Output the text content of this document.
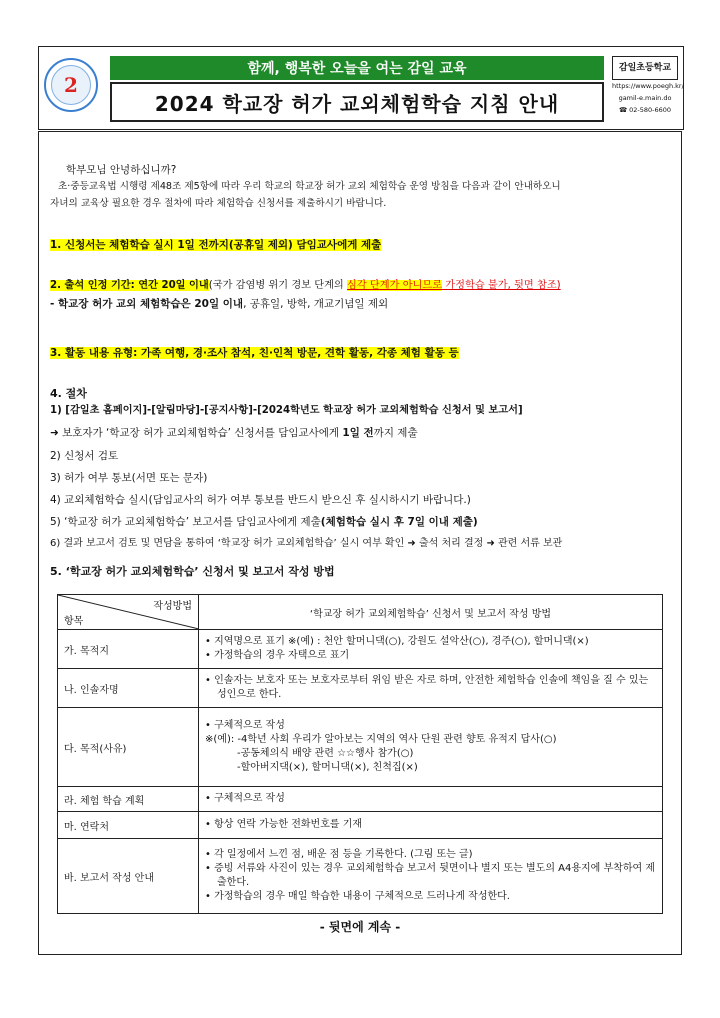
2
함께, 행복한 오늘을 여는 감일 교육
2024 학교장 허가 교외체험학습 지침 안내
감일초등학교
https://www.poegh.kr/
gamil-e.main.do
☎ 02-580-6600
학부모님 안녕하십니까?
초·중등교육법 시행령 제48조 제5항에 따라 우리 학교의 학교장 허가 교외 체험학습 운영 방침을 다음과 같이 안내하오니
자녀의 교육상 필요한 경우 절차에 따라 체험학습 신청서를 제출하시기 바랍니다.
1. 신청서는 체험학습 실시 1일 전까지(공휴일 제외) 담임교사에게 제출
2. 출석 인정 기간: 연간 20일 이내(국가 감염병 위기 경보 단계의 심각 단계가 아니므로 가정학습 불가, 뒷면 참조)
- 학교장 허가 교외 체험학습은 20일 이내, 공휴일, 방학, 개교기념일 제외
3. 활동 내용 유형: 가족 여행, 경·조사 참석, 친·인척 방문, 견학 활동, 각종 체험 활동 등
4. 절차
1) [감일초 홈페이지]-[알림마당]-[공지사항]-[2024학년도 학교장 허가 교외체험학습 신청서 및 보고서]
➜ 보호자가 ‘학교장 허가 교외체험학습’ 신청서를 담임교사에게 1일 전까지 제출
2) 신청서 검토
3) 허가 여부 통보(서면 또는 문자)
4) 교외체험학습 실시(담임교사의 허가 여부 통보를 반드시 받으신 후 실시하시기 바랍니다.)
5) ‘학교장 허가 교외체험학습’ 보고서를 담임교사에게 제출(체험학습 실시 후 7일 이내 제출)
6) 결과 보고서 검토 및 면담을 통하여 ‘학교장 허가 교외체험학습’ 실시 여부 확인 ➜ 출석 처리 결정 ➜ 관련 서류 보관
5. ‘학교장 허가 교외체험학습’ 신청서 및 보고서 작성 방법
작성방법
항목	‘학교장 허가 교외체험학습’ 신청서 및 보고서 작성 방법
가. 목적지	• 지역명으로 표기 ※(예) : 천안 할머니댁(○), 강원도 설악산(○), 경주(○), 할머니댁(×)
• 가정학습의 경우 자택으로 표기

나. 인솔자명	• 인솔자는 보호자 또는 보호자로부터 위임 받은 자로 하며, 안전한 체험학습 인솔에 책임을 질 수 있는 성인으로 한다.

다. 목적(사유)	• 구체적으로 작성
※(예): -4학년 사회 우리가 알아보는 지역의 역사 단원 관련 향토 유적지 답사(○)
-공동체의식 배양 관련 ☆☆행사 참가(○)
-할아버지댁(×), 할머니댁(×), 친척집(×)

라. 체험 학습 계획	• 구체적으로 작성

마. 연락처	• 항상 연락 가능한 전화번호를 기재

바. 보고서 작성 안내	• 각 일정에서 느낀 점, 배운 점 등을 기록한다. (그림 또는 글)
• 증빙 서류와 사진이 있는 경우 교외체험학습 보고서 뒷면이나 별지 또는 별도의 A4용지에 부착하여 제출한다.
• 가정학습의 경우 매일 학습한 내용이 구체적으로 드러나게 작성한다.
- 뒷면에 계속 -
